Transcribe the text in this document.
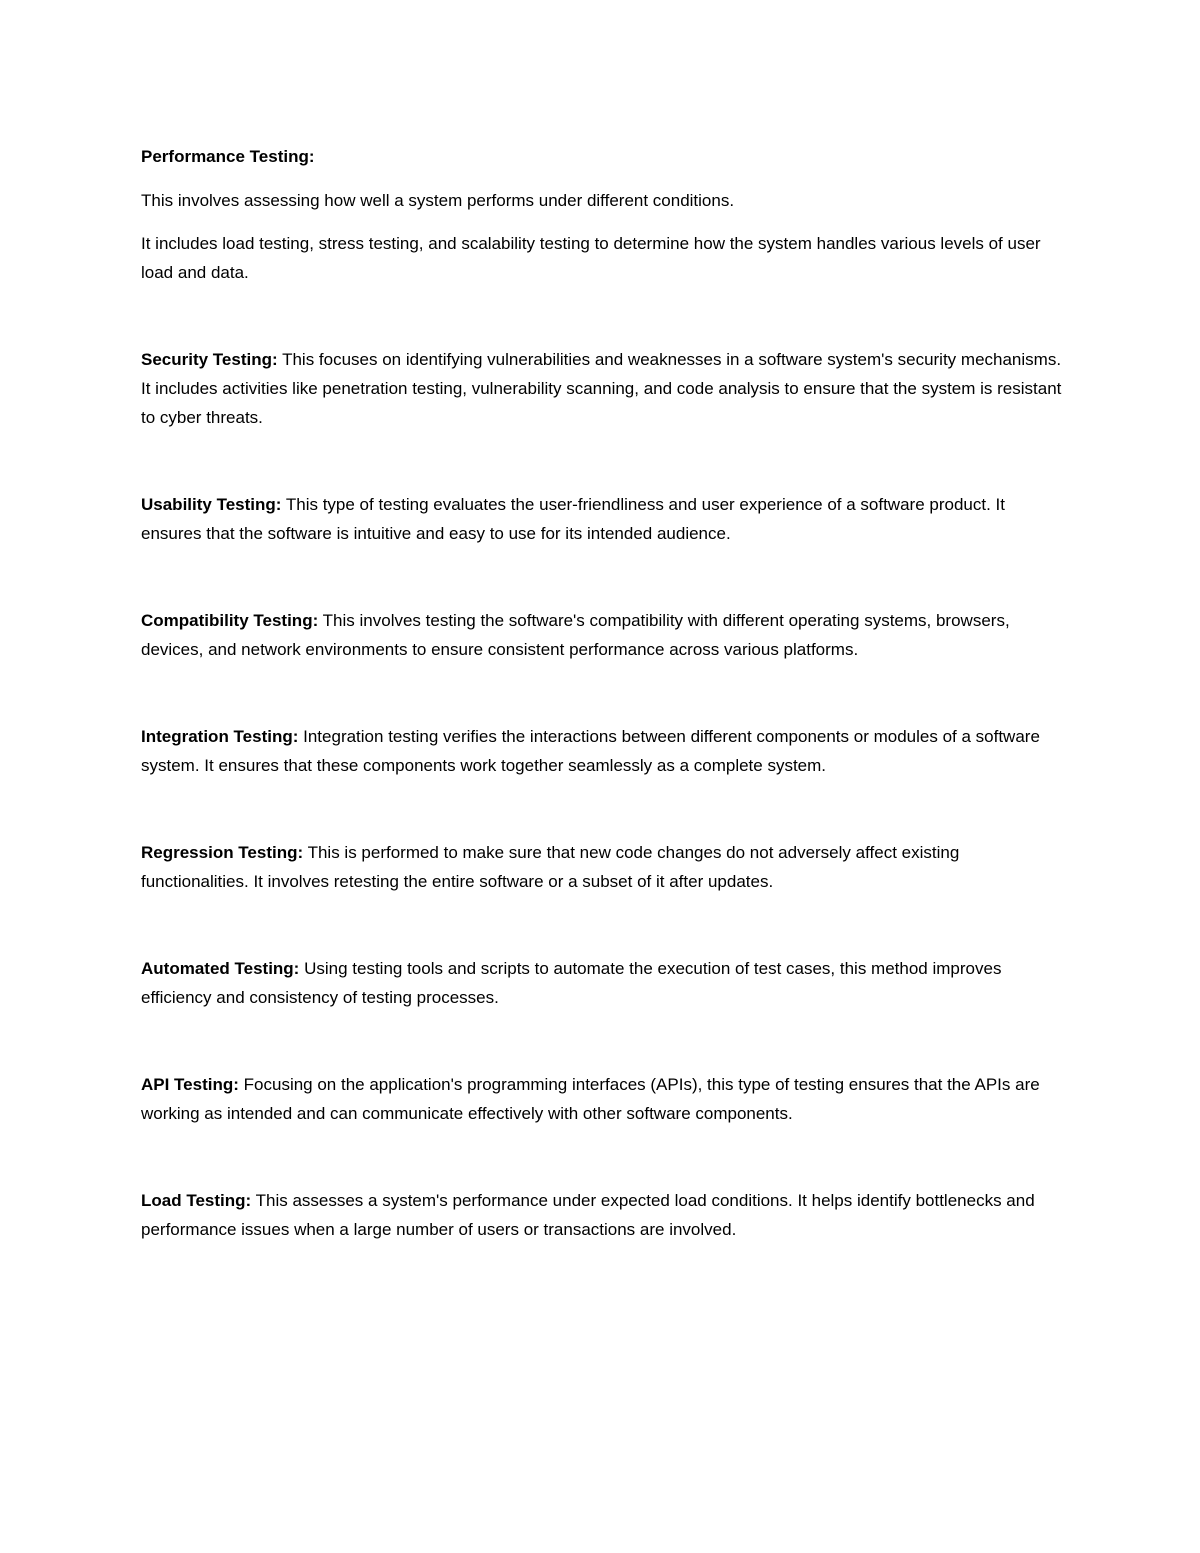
Performance Testing:

This involves assessing how well a system performs under different conditions.

It includes load testing, stress testing, and scalability testing to determine how the system handles various levels of user load and data.

Security Testing: This focuses on identifying vulnerabilities and weaknesses in a software system's security mechanisms. It includes activities like penetration testing, vulnerability scanning, and code analysis to ensure that the system is resistant to cyber threats.

Usability Testing: This type of testing evaluates the user-friendliness and user experience of a software product. It ensures that the software is intuitive and easy to use for its intended audience.

Compatibility Testing: This involves testing the software's compatibility with different operating systems, browsers, devices, and network environments to ensure consistent performance across various platforms.

Integration Testing: Integration testing verifies the interactions between different components or modules of a software system. It ensures that these components work together seamlessly as a complete system.

Regression Testing: This is performed to make sure that new code changes do not adversely affect existing functionalities. It involves retesting the entire software or a subset of it after updates.

Automated Testing: Using testing tools and scripts to automate the execution of test cases, this method improves efficiency and consistency of testing processes.

API Testing: Focusing on the application's programming interfaces (APIs), this type of testing ensures that the APIs are working as intended and can communicate effectively with other software components.

Load Testing: This assesses a system's performance under expected load conditions. It helps identify bottlenecks and performance issues when a large number of users or transactions are involved.
